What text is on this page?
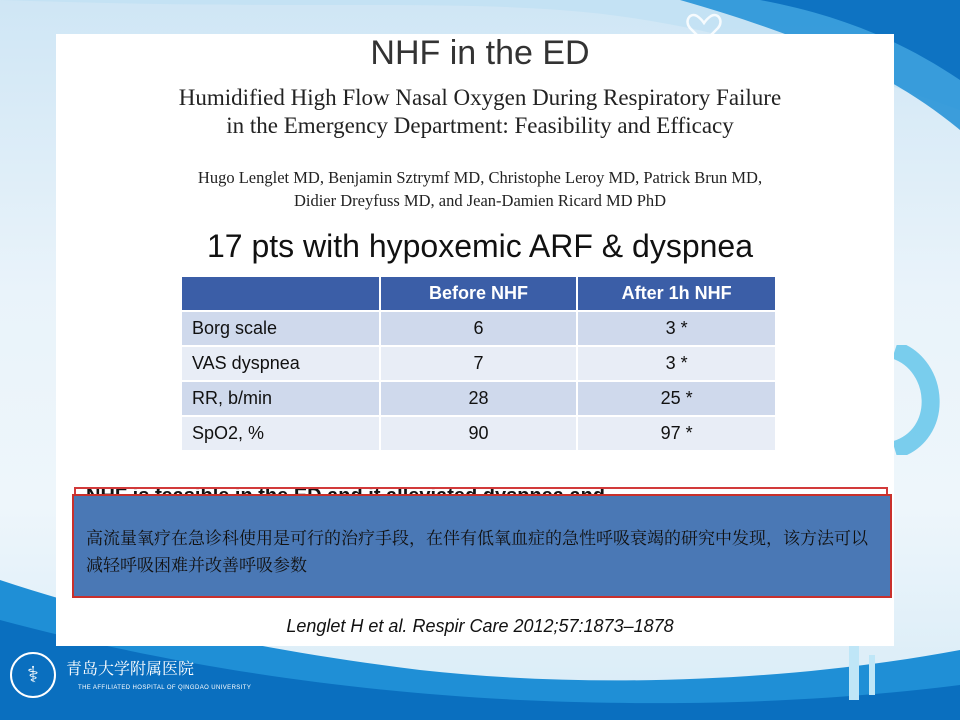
NHF in the ED
Humidified High Flow Nasal Oxygen During Respiratory Failure
in the Emergency Department: Feasibility and Efficacy
Hugo Lenglet MD, Benjamin Sztrymf MD, Christophe Leroy MD, Patrick Brun MD,
Didier Dreyfuss MD, and Jean-Damien Ricard MD PhD
17 pts with hypoxemic ARF & dyspnea
	Before NHF	After 1h NHF
Borg scale	6	3 *
VAS dyspnea	7	3 *
RR, b/min	28	25 *
SpO2, %	90	97 *
高流量氧疗在急诊科使用是可行的治疗手段，在伴有低氧血症的急性呼吸衰竭的研究中发现，该方法可以减轻呼吸困难并改善呼吸参数
Lenglet H et al. Respir Care 2012;57:1873–1878
⚕	青岛大学附属医院
THE AFFILIATED HOSPITAL OF QINGDAO UNIVERSITY
